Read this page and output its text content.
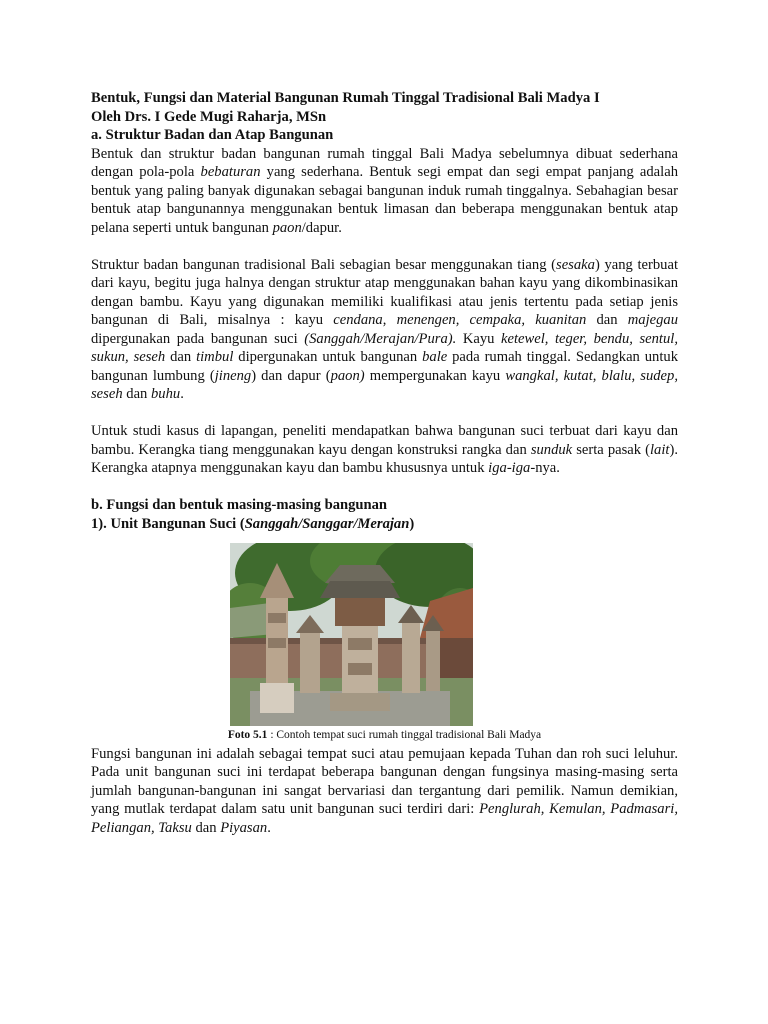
Bentuk, Fungsi dan Material Bangunan Rumah Tinggal Tradisional Bali Madya I

Oleh Drs. I Gede Mugi Raharja, MSn

a. Struktur Badan dan Atap Bangunan

Bentuk dan struktur badan bangunan rumah tinggal Bali Madya sebelumnya dibuat sederhana dengan pola-pola bebaturan yang sederhana. Bentuk segi empat dan segi empat panjang adalah bentuk yang paling banyak digunakan sebagai bangunan induk rumah tinggalnya. Sebahagian besar bentuk atap bangunannya menggunakan bentuk limasan dan beberapa menggunakan bentuk atap pelana seperti untuk bangunan paon/dapur.

Struktur badan bangunan tradisional Bali sebagian besar menggunakan tiang (sesaka) yang terbuat dari kayu, begitu juga halnya dengan struktur atap menggunakan bahan kayu yang dikombinasikan dengan bambu. Kayu yang digunakan memiliki kualifikasi atau jenis tertentu pada setiap jenis bangunan di Bali, misalnya : kayu cendana, menengen, cempaka, kuanitan dan majegau dipergunakan pada bangunan suci (Sanggah/Merajan/Pura). Kayu ketewel, teger, bendu, sentul, sukun, seseh dan timbul dipergunakan untuk bangunan bale pada rumah tinggal. Sedangkan untuk bangunan lumbung (jineng) dan dapur (paon) mempergunakan kayu wangkal, kutat, blalu, sudep, seseh dan buhu.

Untuk studi kasus di lapangan, peneliti mendapatkan bahwa bangunan suci terbuat dari kayu dan bambu. Kerangka tiang menggunakan kayu dengan konstruksi rangka dan sunduk serta pasak (lait). Kerangka atapnya menggunakan kayu dan bambu khususnya untuk iga-iga-nya.

b. Fungsi dan bentuk masing-masing bangunan

1). Unit Bangunan Suci (Sanggah/Sanggar/Merajan)

Foto 5.1 : Contoh tempat suci rumah tinggal tradisional Bali Madya

Fungsi bangunan ini adalah sebagai tempat suci atau pemujaan kepada Tuhan dan roh suci leluhur. Pada unit bangunan suci ini terdapat beberapa bangunan dengan fungsinya masing-masing serta jumlah bangunan-bangunan ini sangat bervariasi dan tergantung dari pemilik. Namun demikian, yang mutlak terdapat dalam satu unit bangunan suci terdiri dari: Penglurah, Kemulan, Padmasari, Peliangan, Taksu dan Piyasan.
